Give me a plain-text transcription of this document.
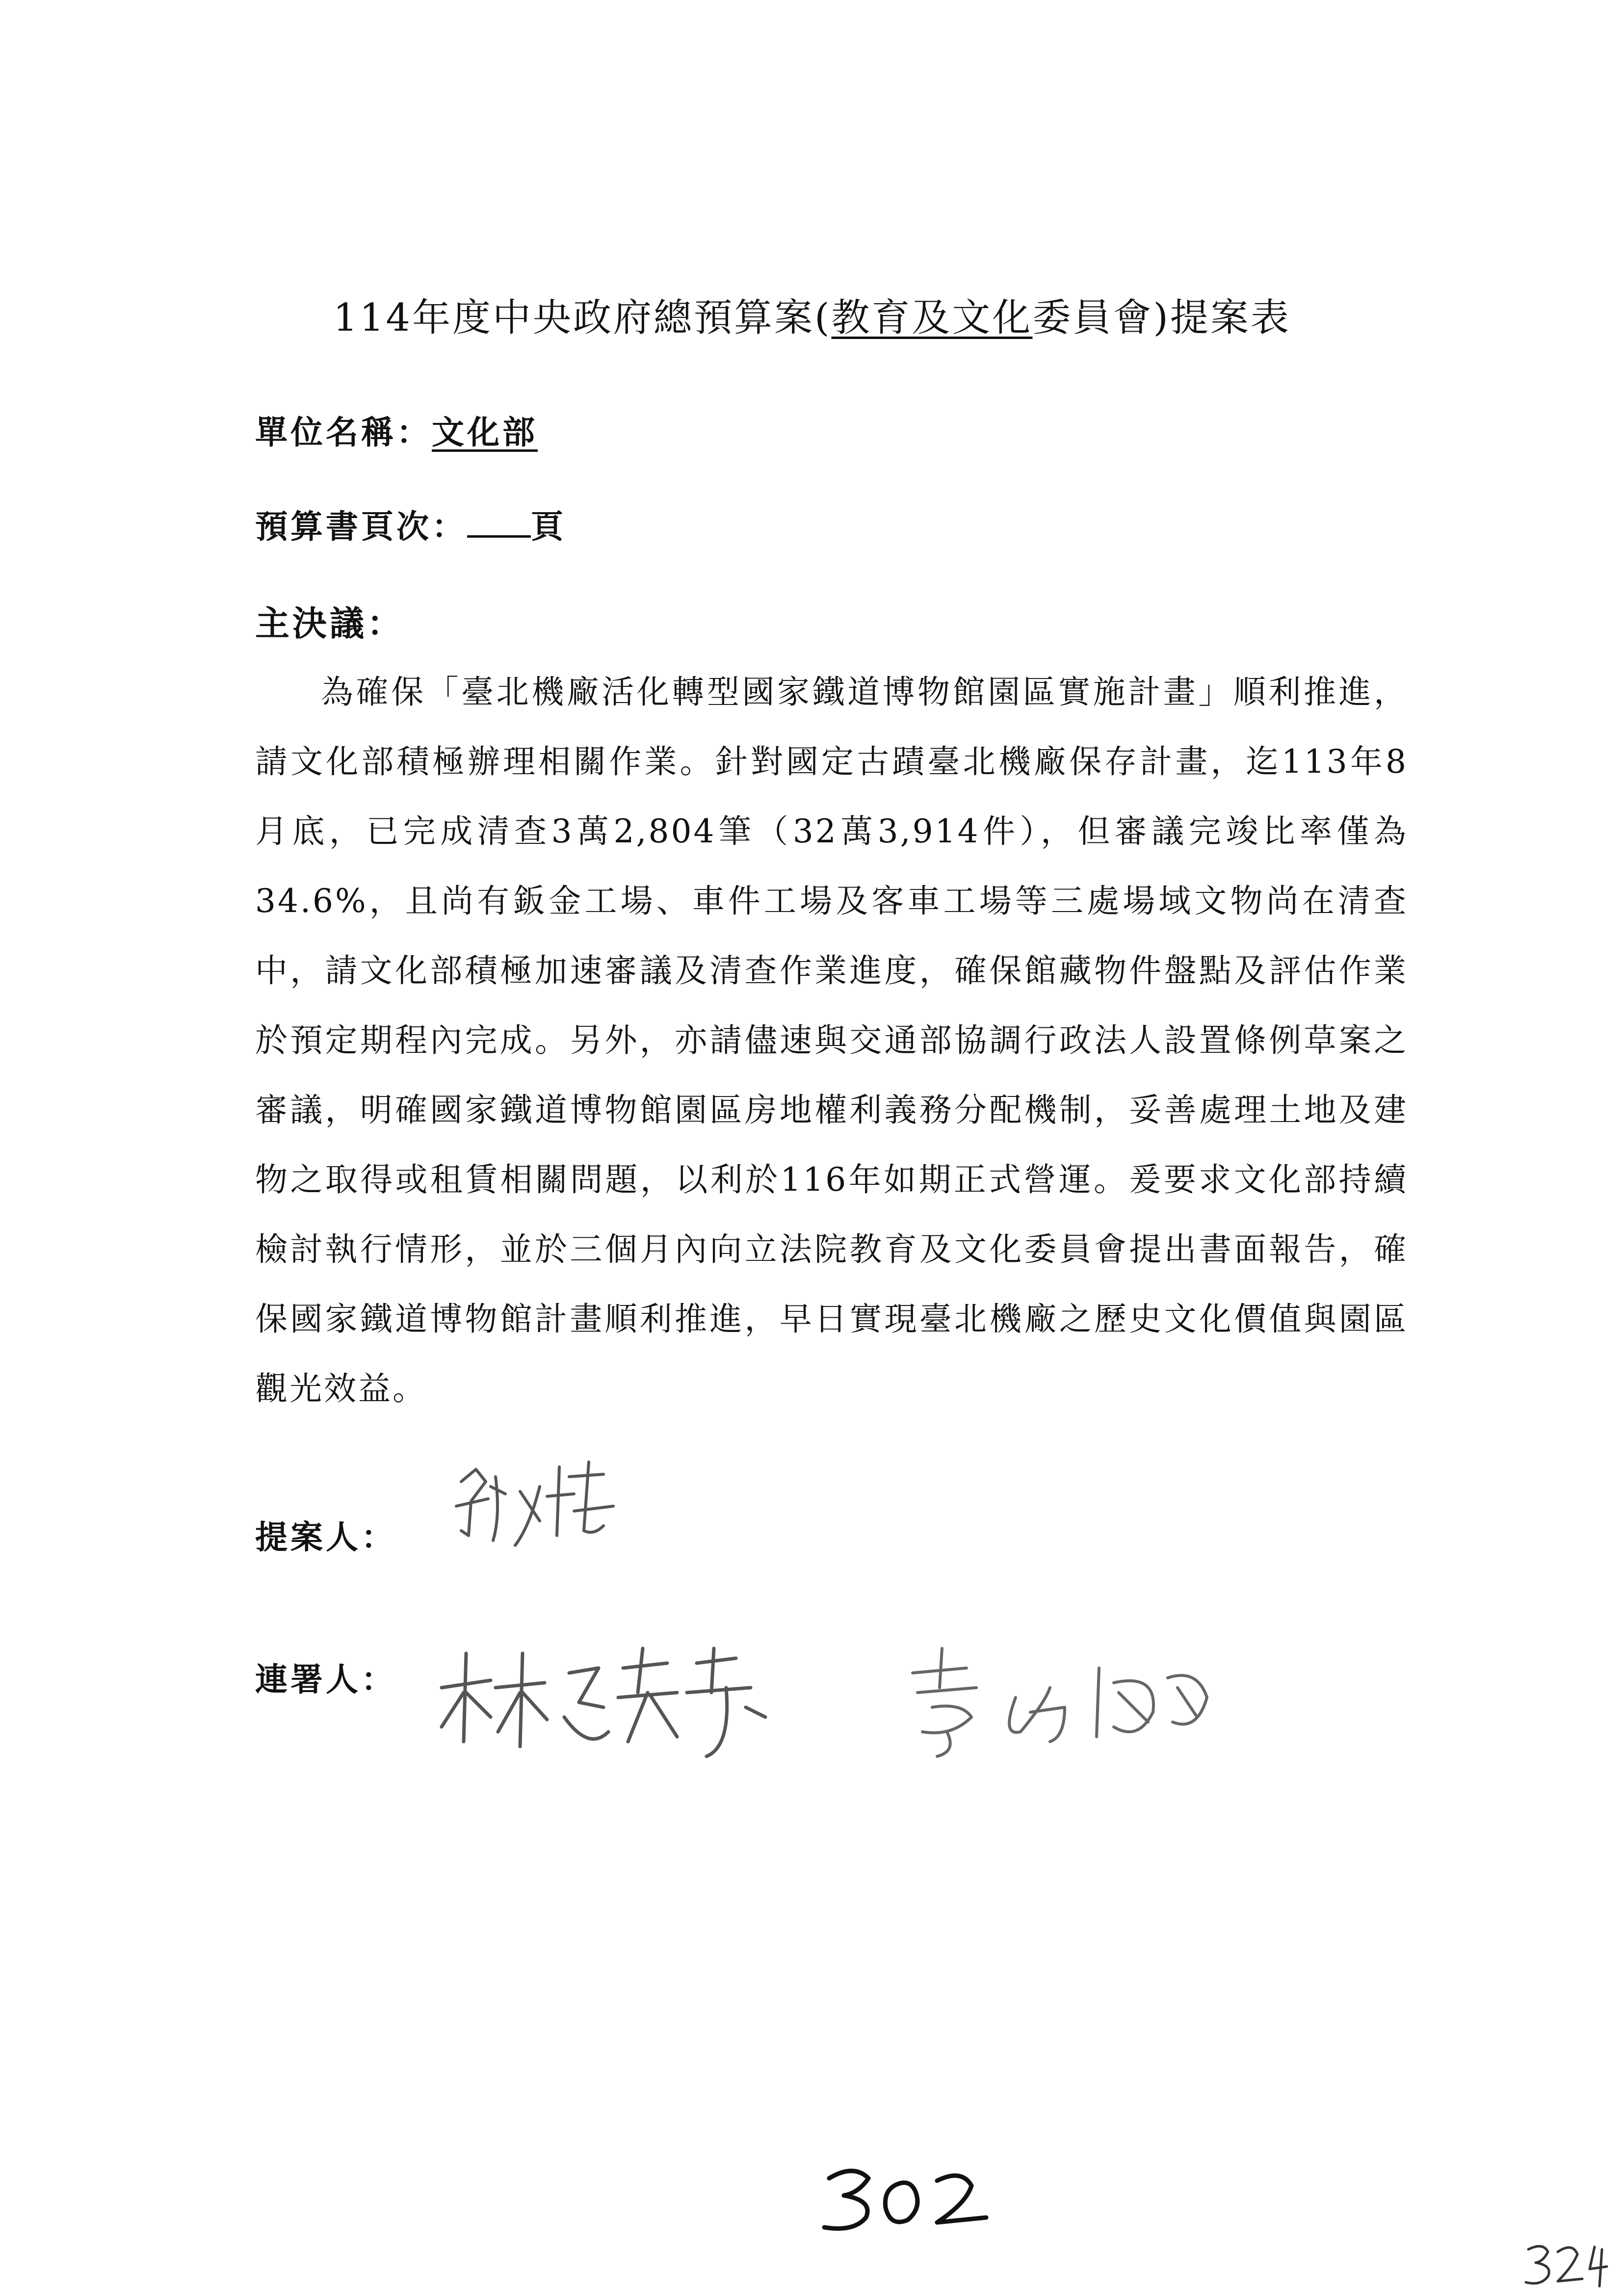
114年度中央政府總預算案(教育及文化委員會)提案表
單位名稱：文化部
預算書頁次： 頁
主決議：
為確保「臺北機廠活化轉型國家鐵道博物館園區實施計畫」順利推進，請文化部積極辦理相關作業。針對國定古蹟臺北機廠保存計畫，迄113年8月底，已完成清查3萬2,804筆（32萬3,914件），但審議完竣比率僅為 34.6%，且尚有鈑金工場、車件工場及客車工場等三處場域文物尚在清查中，請文化部積極加速審議及清查作業進度，確保館藏物件盤點及評估作業於預定期程內完成。另外，亦請儘速與交通部協調行政法人設置條例草案之審議，明確國家鐵道博物館園區房地權利義務分配機制，妥善處理土地及建物之取得或租賃相關問題，以利於116年如期正式營運。爰要求文化部持續檢討執行情形，並於三個月內向立法院教育及文化委員會提出書面報告，確保國家鐵道博物館計畫順利推進，早日實現臺北機廠之歷史文化價值與園區觀光效益。
提案人：
連署人：
302
321
